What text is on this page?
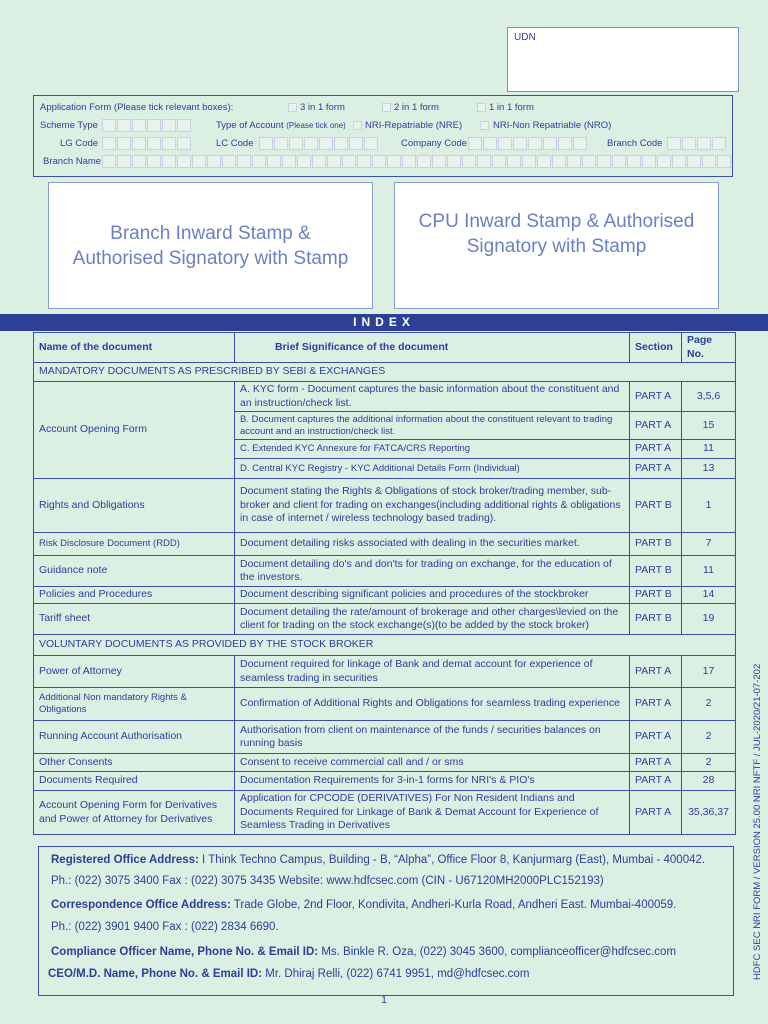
UDN
Application Form (Please tick relevant boxes):	3 in 1 form	2 in 1 form	1 in 1 form
Scheme Type	Type of Account (Please tick one) NRI-Repatriable (NRE)	NRI-Non Repatriable (NRO)
LG Code	LC Code	Company Code	Branch Code
Branch Name
Branch Inward Stamp & Authorised Signatory with Stamp
CPU Inward Stamp & Authorised Signatory with Stamp
INDEX
Name of the document	Brief Significance of the document	Section	Page No.
MANDATORY DOCUMENTS AS PRESCRIBED BY SEBI & EXCHANGES			
Account Opening Form	A. KYC form - Document captures the basic information about the constituent and an instruction/check list.	PART A	3,5,6
	B. Document captures the additional information about the constituent relevant to trading account and an instruction/check list.	PART A	15
	C. Extended KYC Annexure for FATCA/CRS Reporting	PART A	11
	D. Central KYC Registry - KYC Additional Details Form (Individual)	PART A	13
Rights and Obligations	Document stating the Rights & Obligations of stock broker/trading member, sub-broker and client for trading on exchanges(including additional rights & obligations in case of internet / wireless technology based trading).	PART B	1
Risk Disclosure Document (RDD)	Document detailing risks associated with dealing in the securities market.	PART B	7
Guidance note	Document detailing do's and don'ts for trading on exchange, for the education of the investors.	PART B	11
Policies and Procedures	Document describing significant policies and procedures of the stockbroker	PART B	14
Tariff sheet	Document detailing the rate/amount of brokerage and other charges\levied on the client for trading on the stock exchange(s)(to be added by the stock broker)	PART B	19
VOLUNTARY DOCUMENTS AS PROVIDED BY THE STOCK BROKER			
Power of Attorney	Document required for linkage of Bank and demat account for experience of seamless trading in securities	PART A	17
Additional Non mandatory Rights & Obligations	Confirmation of Additional Rights and Obligations for seamless trading experience	PART A	2
Running Account Authorisation	Authorisation from client on maintenance of the funds / securities balances on running basis	PART A	2
Other Consents	Consent to receive commercial call and / or sms	PART A	2
Documents Required	Documentation Requirements for 3-in-1 forms for NRI's & PIO's	PART A	28
Account Opening Form for Derivatives and Power of Attorney for Derivatives	Application for CPCODE (DERIVATIVES) For Non Resident Indians and Documents Required for Linkage of Bank & Demat Account for Experience of Seamless Trading in Derivatives	PART A	35,36,37
Registered Office Address: I Think Techno Campus, Building - B, “Alpha”, Office Floor 8, Kanjurmarg (East), Mumbai - 400042.
Ph.: (022) 3075 3400 Fax : (022) 3075 3435 Website: www.hdfcsec.com (CIN - U67120MH2000PLC152193)
Correspondence Office Address: Trade Globe, 2nd Floor, Kondivita, Andheri-Kurla Road, Andheri East. Mumbai-400059.
Ph.: (022) 3901 9400 Fax : (022) 2834 6690.
Compliance Officer Name, Phone No. & Email ID: Ms. Binkle R. Oza, (022) 3045 3600, complianceofficer@hdfcsec.com
CEO/M.D. Name, Phone No. & Email ID: Mr. Dhiraj Relli, (022) 6741 9951, md@hdfcsec.com
1
HDFC SEC NRI FORM / VERSION 25.00 NRI NFTF / JUL-2020/21-07-202
